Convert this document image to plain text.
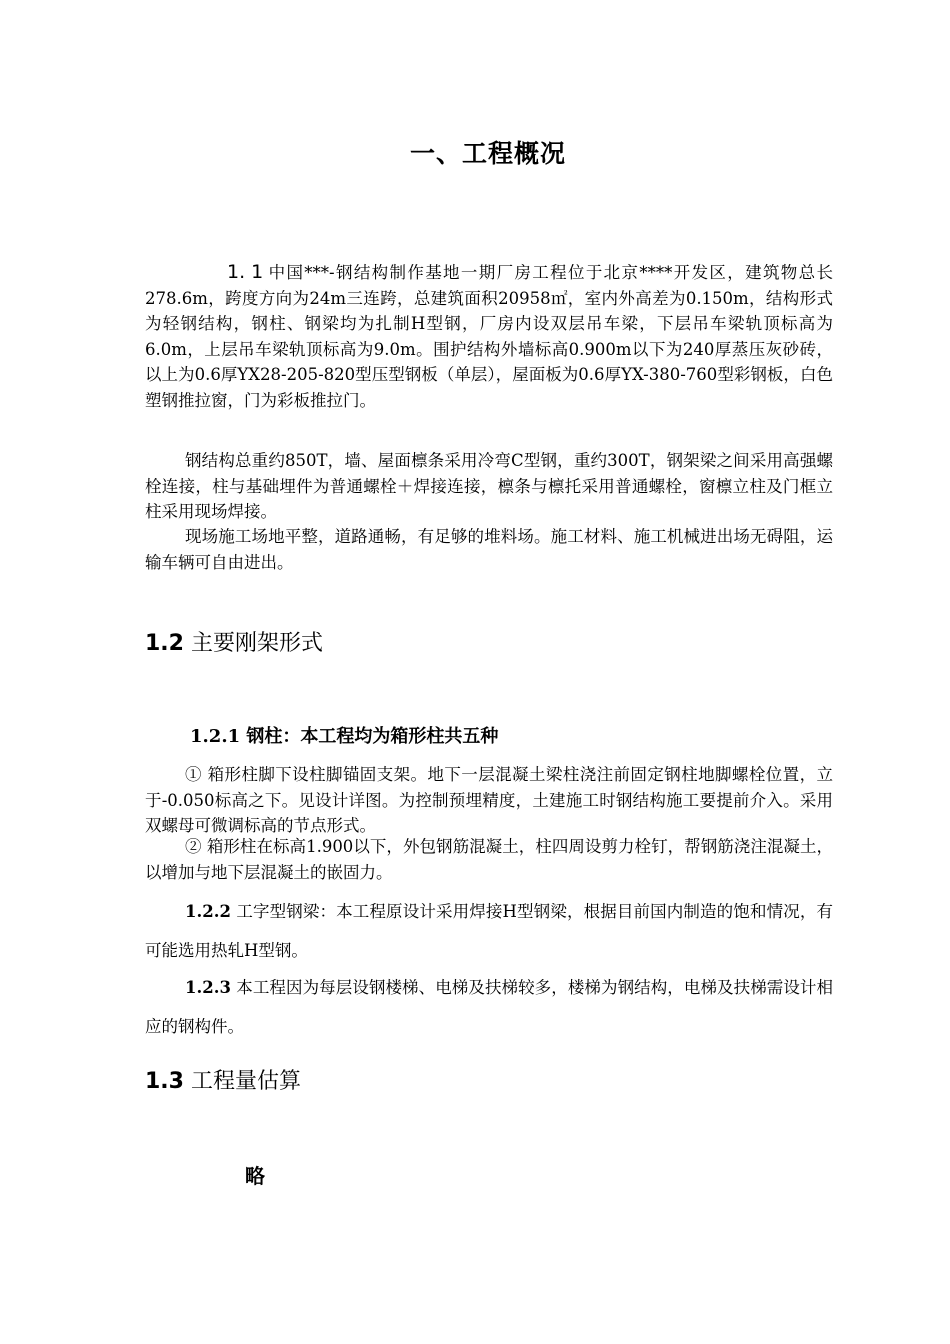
一、工程概况
1. 1 中国***-钢结构制作基地一期厂房工程位于北京****开发区，建筑物总长278.6m，跨度方向为24m三连跨，总建筑面积20958㎡，室内外高差为0.150m，结构形式为轻钢结构，钢柱、钢梁均为扎制H型钢，厂房内设双层吊车梁，下层吊车梁轨顶标高为6.0m，上层吊车梁轨顶标高为9.0m。围护结构外墙标高0.900m以下为240厚蒸压灰砂砖，以上为0.6厚YX28-205-820型压型钢板（单层），屋面板为0.6厚YX-380-760型彩钢板，白色塑钢推拉窗，门为彩板推拉门。

钢结构总重约850T，墙、屋面檩条采用冷弯C型钢，重约300T，钢架梁之间采用高强螺栓连接，柱与基础埋件为普通螺栓＋焊接连接，檩条与檩托采用普通螺栓，窗檩立柱及门框立柱采用现场焊接。

现场施工场地平整，道路通畅，有足够的堆料场。施工材料、施工机械进出场无碍阻，运输车辆可自由进出。

1.2 主要刚架形式
1.2.1 钢柱：本工程均为箱形柱共五种

① 箱形柱脚下设柱脚锚固支架。地下一层混凝土梁柱浇注前固定钢柱地脚螺栓位置，立于-0.050标高之下。见设计详图。为控制预埋精度，土建施工时钢结构施工要提前介入。采用双螺母可微调标高的节点形式。

② 箱形柱在标高1.900以下，外包钢筋混凝土，柱四周设剪力栓钉，帮钢筋浇注混凝土，以增加与地下层混凝土的嵌固力。

1.2.2 工字型钢梁：本工程原设计采用焊接H型钢梁，根据目前国内制造的饱和情况，有可能选用热轧H型钢。

1.2.3 本工程因为每层设钢楼梯、电梯及扶梯较多，楼梯为钢结构，电梯及扶梯需设计相应的钢构件。

1.3 工程量估算

略
